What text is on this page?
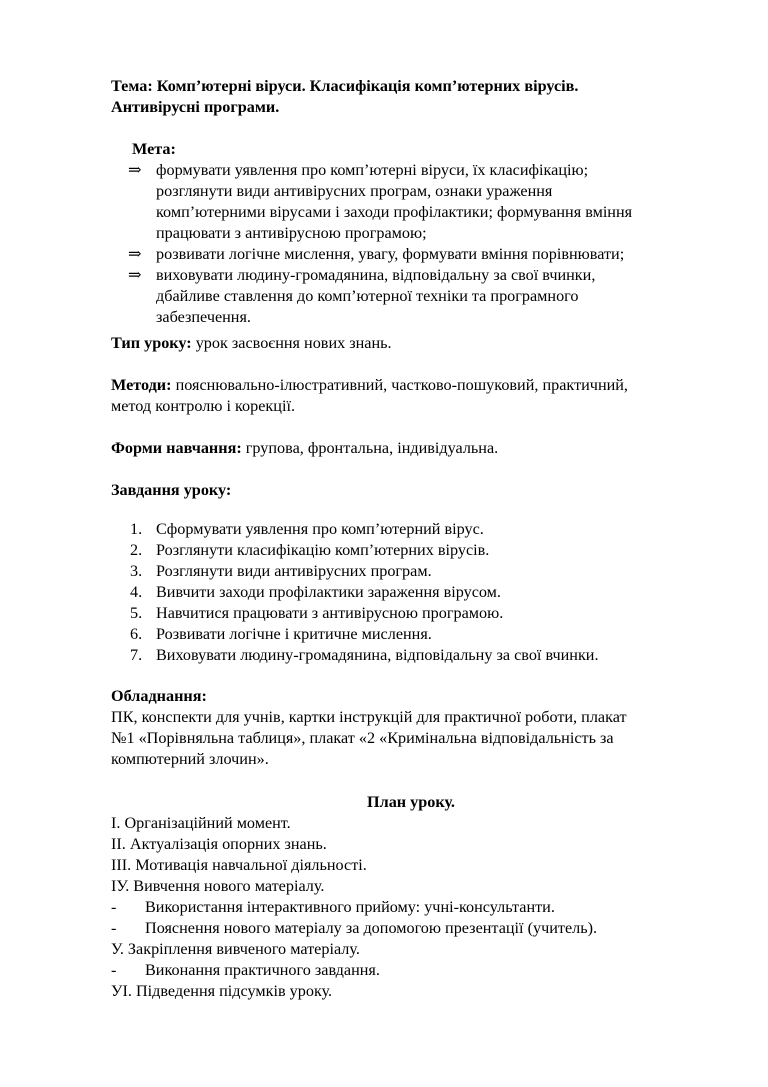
Тема: Комп’ютерні віруси. Класифікація комп’ютерних вірусів.

Антивірусні програми.

Мета:

⇒ формувати уявлення про комп’ютерні віруси, їх класифікацію;

розглянути види антивірусних програм, ознаки ураження

комп’ютерними вірусами і заходи профілактики; формування вміння

працювати з антивірусною програмою;

⇒ розвивати логічне мислення, увагу, формувати вміння порівнювати;

⇒ виховувати людину-громадянина, відповідальну за свої вчинки,

дбайливе ставлення до комп’ютерної техніки та програмного

забезпечення.

Тип уроку: урок засвоєння нових знань.

Методи: пояснювально-ілюстративний, частково-пошуковий, практичний,

метод контролю і корекції.

Форми навчання: групова, фронтальна, індивідуальна.

Завдання уроку:

1. Сформувати уявлення про комп’ютерний вірус.
2. Розглянути класифікацію комп’ютерних вірусів.
3. Розглянути види антивірусних програм.
4. Вивчити заходи профілактики зараження вірусом.
5. Навчитися працювати з антивірусною програмою.
6. Розвивати логічне і критичне мислення.
7. Виховувати людину-громадянина, відповідальну за свої вчинки.

Обладнання:

ПК, конспекти для учнів, картки інструкцій для практичної роботи, плакат

№1 «Порівняльна таблиця», плакат «2 «Кримінальна відповідальність за

компютерний злочин».

План уроку.

І. Організаційний момент.

ІІ. Актуалізація опорних знань.

ІІІ. Мотивація навчальної діяльності.

ІУ. Вивчення нового матеріалу.

- Використання інтерактивного прийому: учні-консультанти.

- Пояснення нового матеріалу за допомогою презентації (учитель).

У. Закріплення вивченого матеріалу.

- Виконання практичного завдання.

УІ. Підведення підсумків уроку.
